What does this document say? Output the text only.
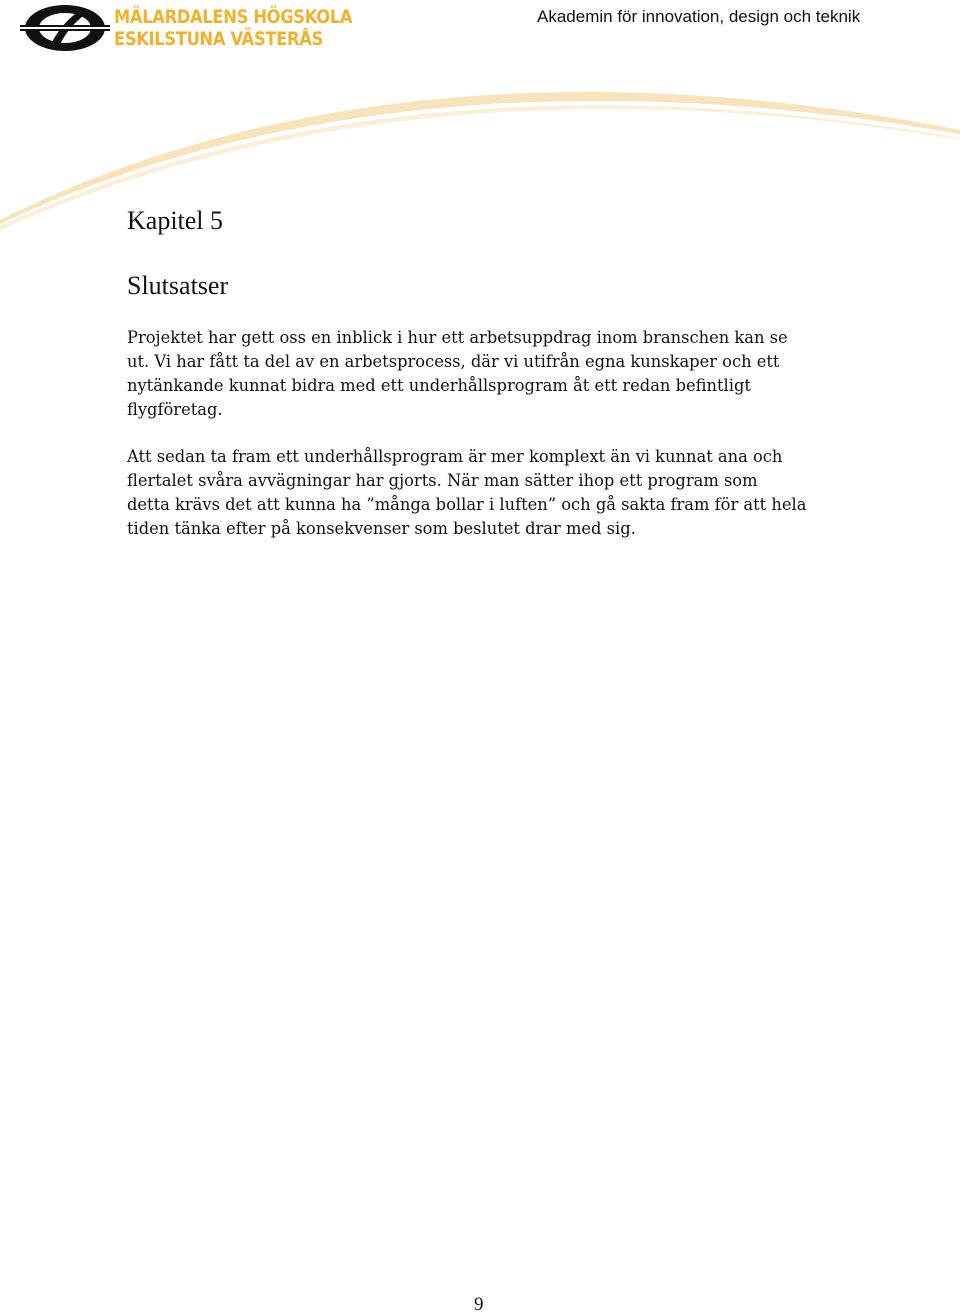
MÄLARDALENS HÖGSKOLA
ESKILSTUNA VÄSTERÅS
Akademin för innovation, design och teknik
Kapitel 5
Slutsatser
Projektet har gett oss en inblick i hur ett arbetsuppdrag inom branschen kan se
ut. Vi har fått ta del av en arbetsprocess, där vi utifrån egna kunskaper och ett
nytänkande kunnat bidra med ett underhållsprogram åt ett redan befintligt
flygföretag.
Att sedan ta fram ett underhållsprogram är mer komplext än vi kunnat ana och
flertalet svåra avvägningar har gjorts. När man sätter ihop ett program som
detta krävs det att kunna ha ”många bollar i luften” och gå sakta fram för att hela
tiden tänka efter på konsekvenser som beslutet drar med sig.
9
